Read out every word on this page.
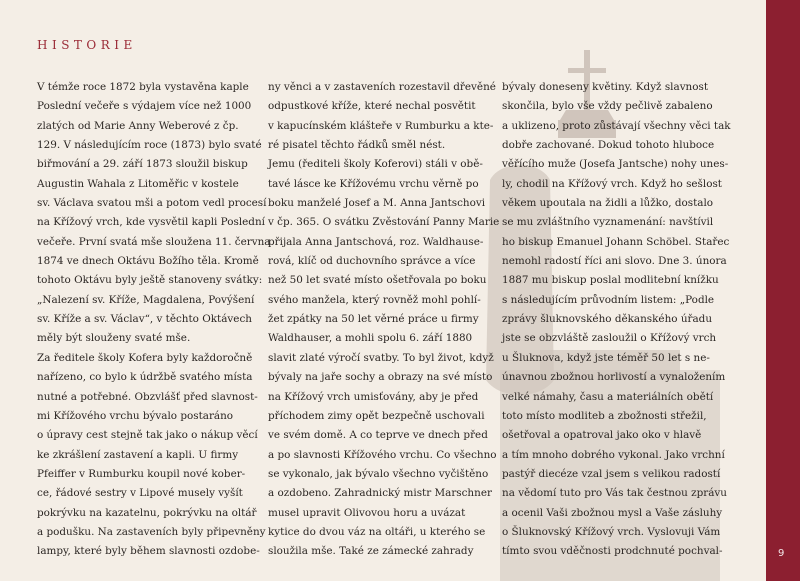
HISTORIE
V témže roce 1872 byla vystavěna kaple
Poslední večeře s výdajem více než 1000
zlatých od Marie Anny Weberové z čp.
129. V následujícím roce (1873) bylo svaté
biřmování a 29. září 1873 sloužil biskup
Augustin Wahala z Litoměřic v kostele
sv. Václava svatou mši a potom vedl procesí
na Křížový vrch, kde vysvětil kapli Poslední
večeře. První svatá mše sloužena 11. června
1874 ve dnech Oktávu Božího těla. Kromě
tohoto Oktávu byly ještě stanoveny svátky:
„Nalezení sv. Kříže, Magdalena, Povýšení
sv. Kříže a sv. Václav“, v těchto Oktávech
měly být slouženy svaté mše.
Za ředitele školy Kofera byly každoročně
nařízeno, co bylo k údržbě svatého místa
nutné a potřebné. Obzvlášť před slavnost-
mi Křížového vrchu bývalo postaráno
o úpravy cest stejně tak jako o nákup věcí
ke zkrášlení zastavení a kapli. U firmy
Pfeiffer v Rumburku koupil nové kober-
ce, řádové sestry v Lipové musely vyšít
pokrývku na kazatelnu, pokrývku na oltář
a podušku. Na zastaveních byly připevněny
lampy, které byly během slavnosti ozdobe-
ny věnci a v zastaveních rozestavil dřevěné
odpustkové kříže, které nechal posvětit
v kapucínském klášteře v Rumburku a kte-
ré pisatel těchto řádků směl nést.
Jemu (řediteli školy Koferovi) stáli v obě-
tavé lásce ke Křížovému vrchu věrně po
boku manželé Josef a M. Anna Jantschovi
v čp. 365. O svátku Zvěstování Panny Marie
přijala Anna Jantschová, roz. Waldhause-
rová, klíč od duchovního správce a více
než 50 let svaté místo ošetřovala po boku
svého manžela, který rovněž mohl pohlí-
žet zpátky na 50 let věrné práce u firmy
Waldhauser, a mohli spolu 6. září 1880
slavit zlaté výročí svatby. To byl život, když
bývaly na jaře sochy a obrazy na své místo
na Křížový vrch umisťovány, aby je před
příchodem zimy opět bezpečně uschovali
ve svém domě. A co teprve ve dnech před
a po slavnosti Křížového vrchu. Co všechno
se vykonalo, jak bývalo všechno vyčištěno
a ozdobeno. Zahradnický mistr Marschner
musel upravit Olivovou horu a uvázat
kytice do dvou váz na oltáři, u kterého se
sloužila mše. Také ze zámecké zahrady
bývaly doneseny květiny. Když slavnost
skončila, bylo vše vždy pečlivě zabaleno
a uklizeno, proto zůstávají všechny věci tak
dobře zachované. Dokud tohoto hluboce
věřícího muže (Josefa Jantsche) nohy unes-
ly, chodil na Křížový vrch. Když ho sešlost
věkem upoutala na židli a lůžko, dostalo
se mu zvláštního vyznamenání: navštívil
ho biskup Emanuel Johann Schöbel. Stařec
nemohl radostí říci ani slovo. Dne 3. února
1887 mu biskup poslal modlitební knížku
s následujícím průvodním listem: „Podle
zprávy šluknovského děkanského úřadu
jste se obzvláště zasloužil o Křížový vrch
u Šluknova, když jste téměř 50 let s ne-
únavnou zbožnou horlivostí a vynaložením
velké námahy, času a materiálních obětí
toto místo modliteb a zbožnosti střežil,
ošetřoval a opatroval jako oko v hlavě
a tím mnoho dobrého vykonal. Jako vrchní
pastýř diecéze vzal jsem s velikou radostí
na vědomí tuto pro Vás tak čestnou zprávu
a ocenil Vaši zbožnou mysl a Vaše zásluhy
o Šluknovský Křížový vrch. Vyslovuji Vám
tímto svou vděčnosti prodchnuté pochval-	9
